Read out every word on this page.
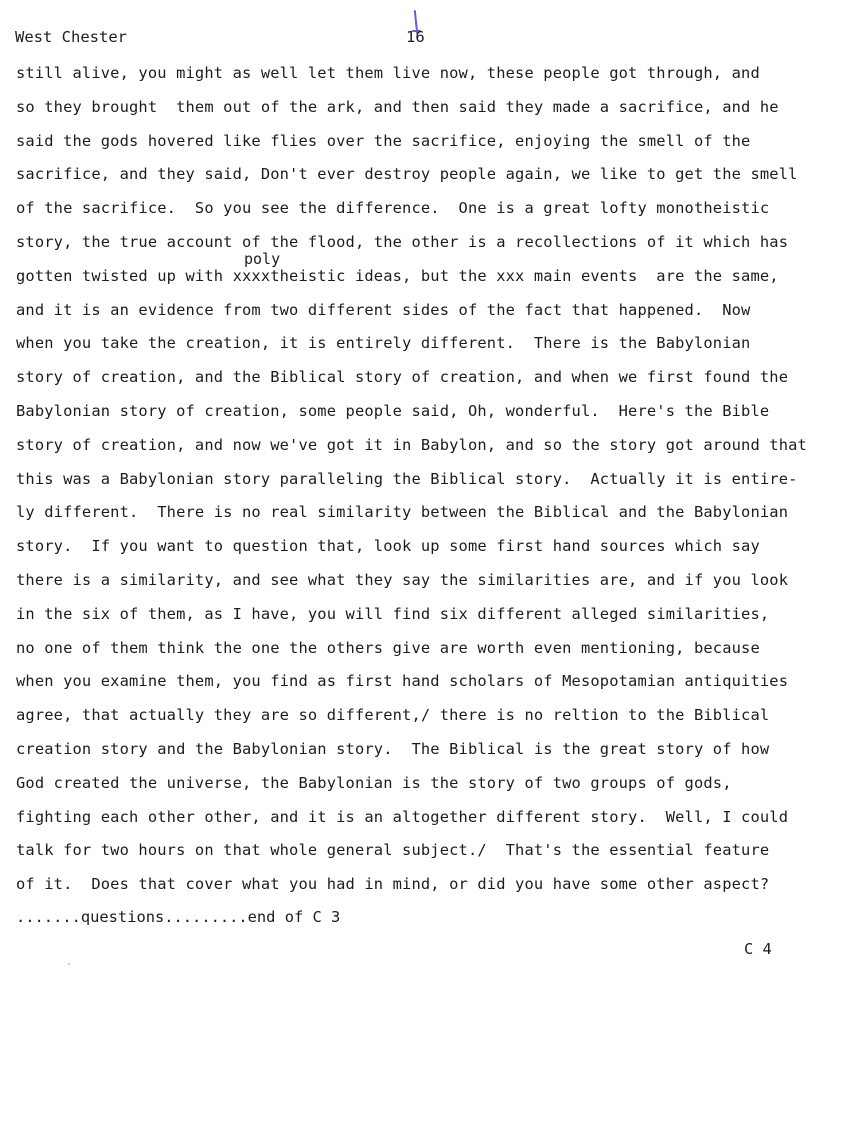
West Chester	16
poly
still alive, you might as well let them live now, these people got through, and
so they brought  them out of the ark, and then said they made a sacrifice, and he
said the gods hovered like flies over the sacrifice, enjoying the smell of the
sacrifice, and they said, Don't ever destroy people again, we like to get the smell
of the sacrifice.  So you see the difference.  One is a great lofty monotheistic
story, the true account of the flood, the other is a recollections of it which has
gotten twisted up with xxxxtheistic ideas, but the xxx main events  are the same,
and it is an evidence from two different sides of the fact that happened.  Now
when you take the creation, it is entirely different.  There is the Babylonian
story of creation, and the Biblical story of creation, and when we first found the
Babylonian story of creation, some people said, Oh, wonderful.  Here's the Bible
story of creation, and now we've got it in Babylon, and so the story got around that
this was a Babylonian story paralleling the Biblical story.  Actually it is entire-
ly different.  There is no real similarity between the Biblical and the Babylonian
story.  If you want to question that, look up some first hand sources which say
there is a similarity, and see what they say the similarities are, and if you look
in the six of them, as I have, you will find six different alleged similarities,
no one of them think the one the others give are worth even mentioning, because
when you examine them, you find as first hand scholars of Mesopotamian antiquities
agree, that actually they are so different,/ there is no reltion to the Biblical
creation story and the Babylonian story.  The Biblical is the great story of how
God created the universe, the Babylonian is the story of two groups of gods,
fighting each other other, and it is an altogether different story.  Well, I could
talk for two hours on that whole general subject./  That's the essential feature
of it.  Does that cover what you had in mind, or did you have some other aspect?
.......questions.........end of C 3
C 4
